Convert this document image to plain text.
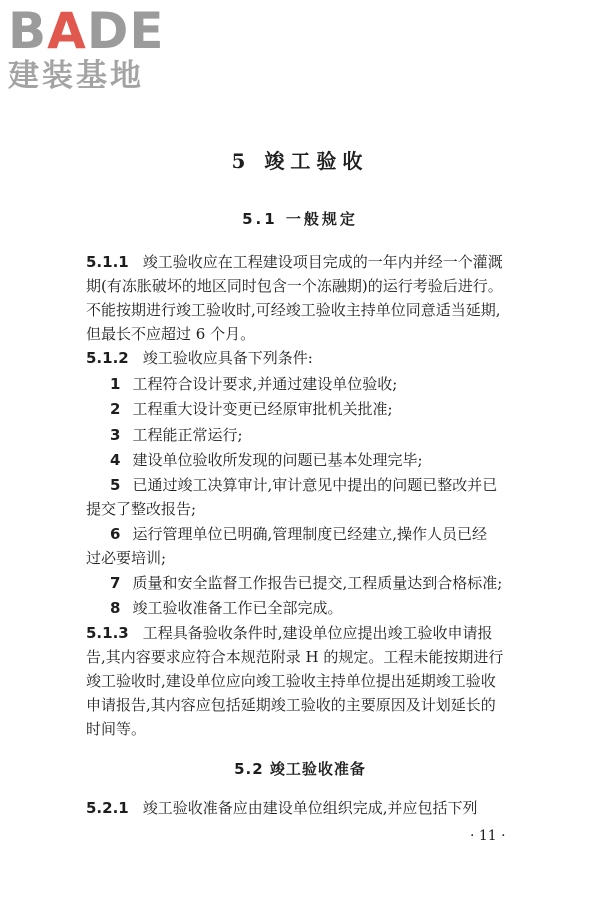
BADE
建装基地
5 竣工验收
5.1 一般规定
5.1.1 竣工验收应在工程建设项目完成的一年内并经一个灌溉
期(有冻胀破坏的地区同时包含一个冻融期)的运行考验后进行。
不能按期进行竣工验收时,可经竣工验收主持单位同意适当延期,
但最长不应超过 6 个月。
5.1.2 竣工验收应具备下列条件:
1 工程符合设计要求,并通过建设单位验收;
2 工程重大设计变更已经原审批机关批准;
3 工程能正常运行;
4 建设单位验收所发现的问题已基本处理完毕;
5 已通过竣工决算审计,审计意见中提出的问题已整改并已
提交了整改报告;
6 运行管理单位已明确,管理制度已经建立,操作人员已经
过必要培训;
7 质量和安全监督工作报告已提交,工程质量达到合格标准;
8 竣工验收准备工作已全部完成。
5.1.3 工程具备验收条件时,建设单位应提出竣工验收申请报
告,其内容要求应符合本规范附录 H 的规定。工程未能按期进行
竣工验收时,建设单位应向竣工验收主持单位提出延期竣工验收
申请报告,其内容应包括延期竣工验收的主要原因及计划延长的
时间等。
5.2 竣工验收准备
5.2.1 竣工验收准备应由建设单位组织完成,并应包括下列
· 11 ·
